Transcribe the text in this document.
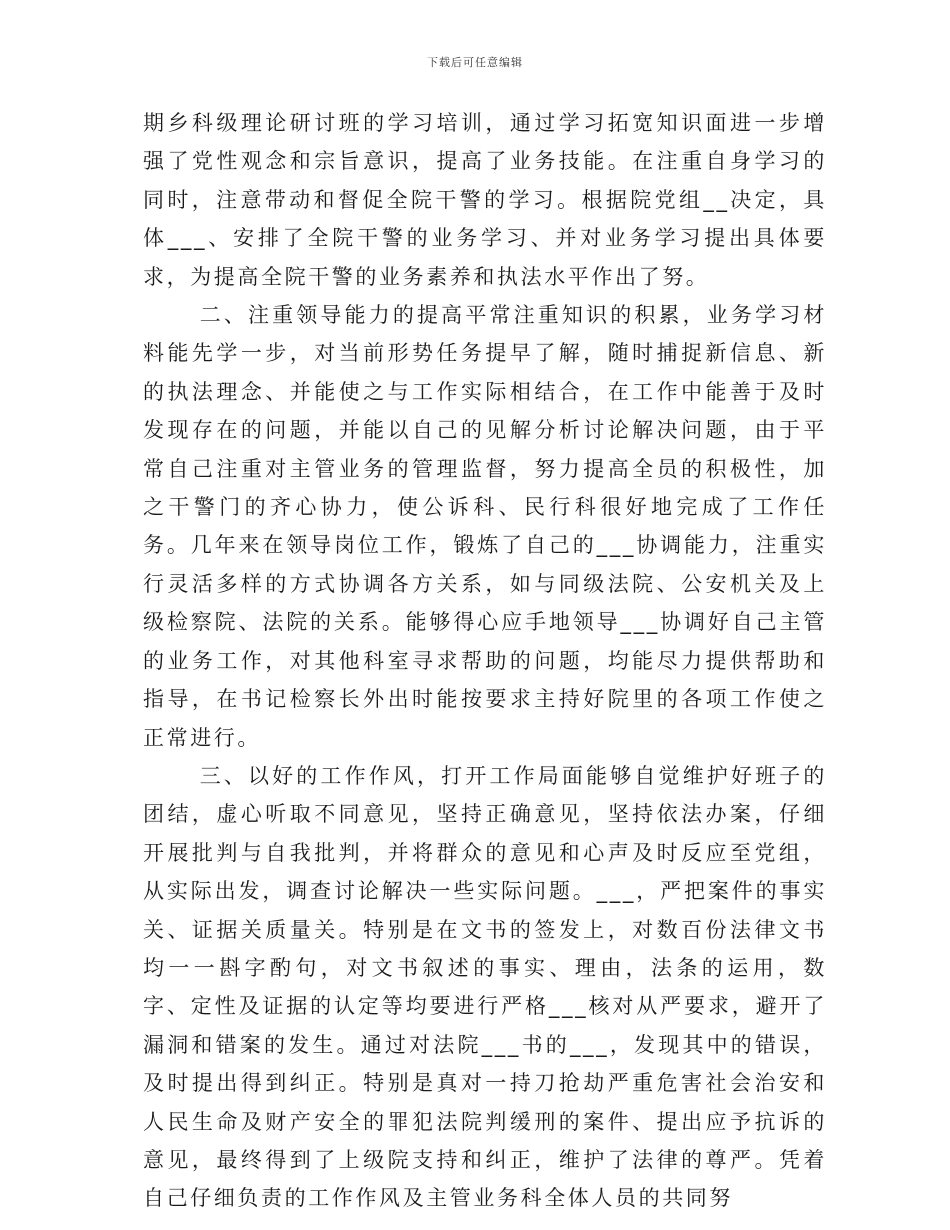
下载后可任意编辑

期乡科级理论研讨班的学习培训，通过学习拓宽知识面进一步增强了党性观念和宗旨意识，提高了业务技能。在注重自身学习的同时，注意带动和督促全院干警的学习。根据院党组__决定，具体___、安排了全院干警的业务学习、并对业务学习提出具体要求，为提高全院干警的业务素养和执法水平作出了努。

二、注重领导能力的提高平常注重知识的积累，业务学习材料能先学一步，对当前形势任务提早了解，随时捕捉新信息、新的执法理念、并能使之与工作实际相结合，在工作中能善于及时发现存在的问题，并能以自己的见解分析讨论解决问题，由于平常自己注重对主管业务的管理监督，努力提高全员的积极性，加之干警门的齐心协力，使公诉科、民行科很好地完成了工作任务。几年来在领导岗位工作，锻炼了自己的___协调能力，注重实行灵活多样的方式协调各方关系，如与同级法院、公安机关及上级检察院、法院的关系。能够得心应手地领导___协调好自己主管的业务工作，对其他科室寻求帮助的问题，均能尽力提供帮助和指导，在书记检察长外出时能按要求主持好院里的各项工作使之正常进行。

三、以好的工作作风，打开工作局面能够自觉维护好班子的团结，虚心听取不同意见，坚持正确意见，坚持依法办案，仔细开展批判与自我批判，并将群众的意见和心声及时反应至党组，从实际出发，调查讨论解决一些实际问题。___，严把案件的事实关、证据关质量关。特别是在文书的签发上，对数百份法律文书均一一斟字酌句，对文书叙述的事实、理由，法条的运用，数字、定性及证据的认定等均要进行严格___核对从严要求，避开了漏洞和错案的发生。通过对法院___书的___，发现其中的错误，及时提出得到纠正。特别是真对一持刀抢劫严重危害社会治安和人民生命及财产安全的罪犯法院判缓刑的案件、提出应予抗诉的意见，最终得到了上级院支持和纠正，维护了法律的尊严。凭着自己仔细负责的工作作风及主管业务科全体人员的共同努
